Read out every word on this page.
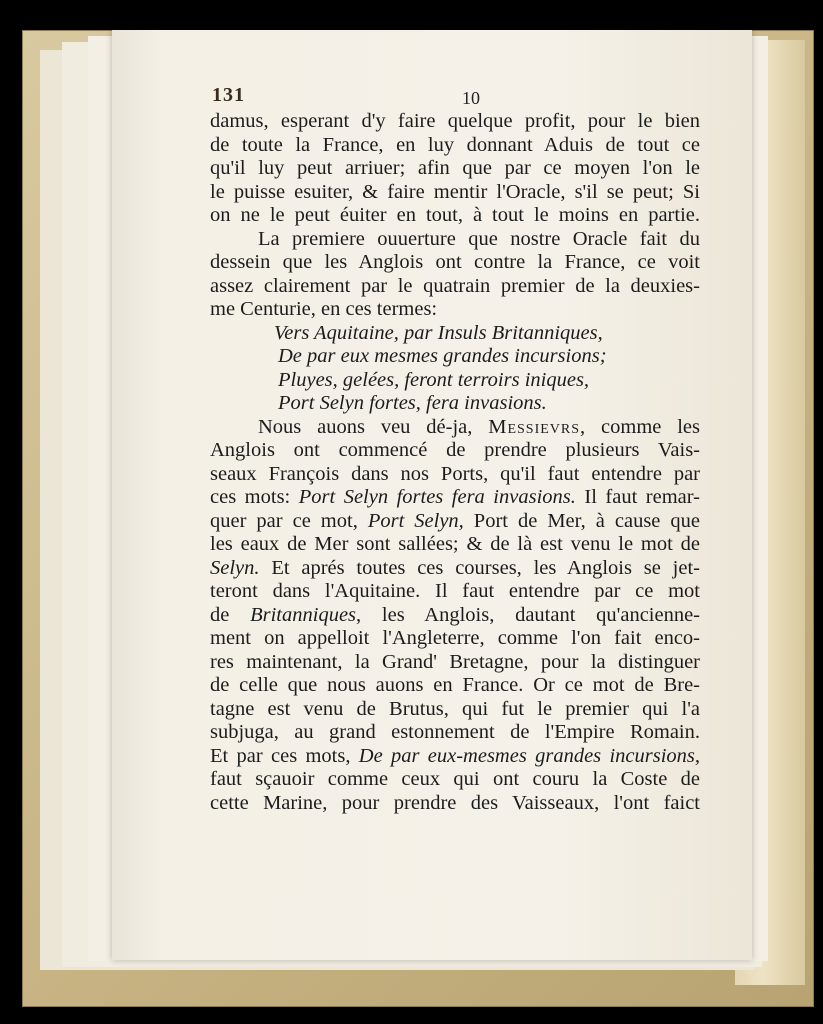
131	10
damus, esperant d'y faire quelque profit, pour le bien
de toute la France, en luy donnant Aduis de tout ce
qu'il luy peut arriuer; afin que par ce moyen l'on le
le puisse esuiter, & faire mentir l'Oracle, s'il se peut; Si
on ne le peut éuiter en tout, à tout le moins en partie.
La premiere ouuerture que nostre Oracle fait du
dessein que les Anglois ont contre la France, ce voit
assez clairement par le quatrain premier de la deuxies-
me Centurie, en ces termes:
Vers Aquitaine, par Insuls Britanniques,
De par eux mesmes grandes incursions;
Pluyes, gelées, feront terroirs iniques,
Port Selyn fortes, fera invasions.
Nous auons veu dé-ja, Messievrs, comme les
Anglois ont commencé de prendre plusieurs Vais-
seaux François dans nos Ports, qu'il faut entendre par
ces mots: Port Selyn fortes fera invasions. Il faut remar-
quer par ce mot, Port Selyn, Port de Mer, à cause que
les eaux de Mer sont sallées; & de là est venu le mot de
Selyn. Et aprés toutes ces courses, les Anglois se jet-
teront dans l'Aquitaine. Il faut entendre par ce mot
de Britanniques, les Anglois, dautant qu'ancienne-
ment on appelloit l'Angleterre, comme l'on fait enco-
res maintenant, la Grand' Bretagne, pour la distinguer
de celle que nous auons en France. Or ce mot de Bre-
tagne est venu de Brutus, qui fut le premier qui l'a
subjuga, au grand estonnement de l'Empire Romain.
Et par ces mots, De par eux-mesmes grandes incursions,
faut sçauoir comme ceux qui ont couru la Coste de
cette Marine, pour prendre des Vaisseaux, l'ont faict
